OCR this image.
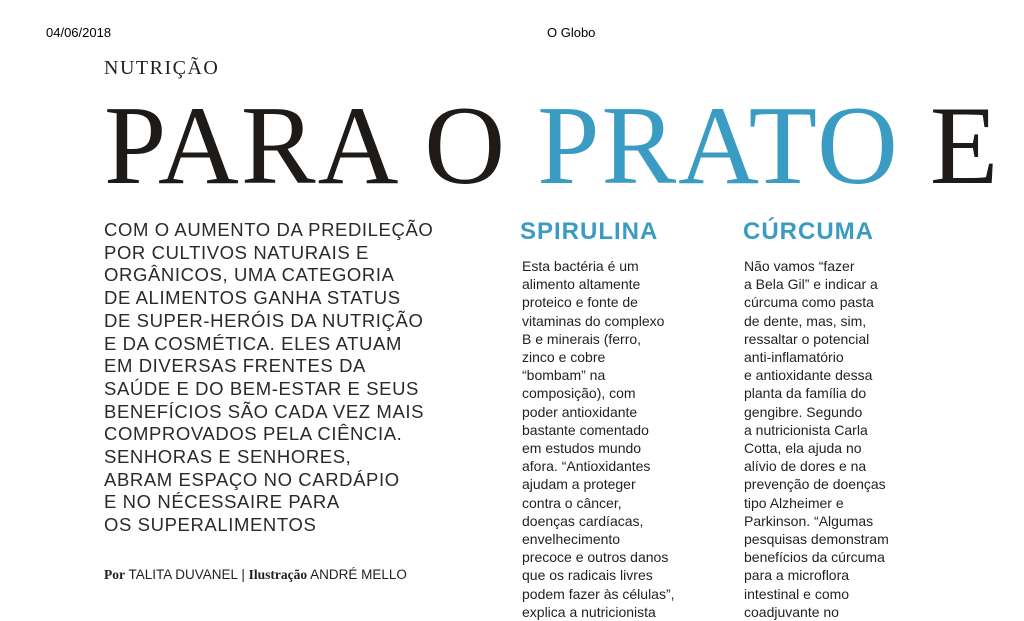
04/06/2018	O Globo
NUTRIÇÃO
PARA O PRATO E

COM O AUMENTO DA PREDILEÇÃO
POR CULTIVOS NATURAIS E
ORGÂNICOS, UMA CATEGORIA
DE ALIMENTOS GANHA STATUS
DE SUPER-HERÓIS DA NUTRIÇÃO
E DA COSMÉTICA. ELES ATUAM
EM DIVERSAS FRENTES DA
SAÚDE E DO BEM-ESTAR E SEUS
BENEFÍCIOS SÃO CADA VEZ MAIS
COMPROVADOS PELA CIÊNCIA.
SENHORAS E SENHORES,
ABRAM ESPAÇO NO CARDÁPIO
E NO NÉCESSAIRE PARA
OS SUPERALIMENTOS

Por TALITA DUVANEL | Ilustração ANDRÉ MELLO
SPIRULINA
Esta bactéria é um
alimento altamente
proteico e fonte de
vitaminas do complexo
B e minerais (ferro,
zinco e cobre
“bombam” na
composição), com
poder antioxidante
bastante comentado
em estudos mundo
afora. “Antioxidantes
ajudam a proteger
contra o câncer,
doenças cardíacas,
envelhecimento
precoce e outros danos
que os radicais livres
podem fazer às células”,
explica a nutricionista
CÚRCUMA
Não vamos “fazer
a Bela Gil” e indicar a
cúrcuma como pasta
de dente, mas, sim,
ressaltar o potencial
anti-inflamatório
e antioxidante dessa
planta da família do
gengibre. Segundo
a nutricionista Carla
Cotta, ela ajuda no
alívio de dores e na
prevenção de doenças
tipo Alzheimer e
Parkinson. “Algumas
pesquisas demonstram
benefícios da cúrcuma
para a microflora
intestinal e como
coadjuvante no
